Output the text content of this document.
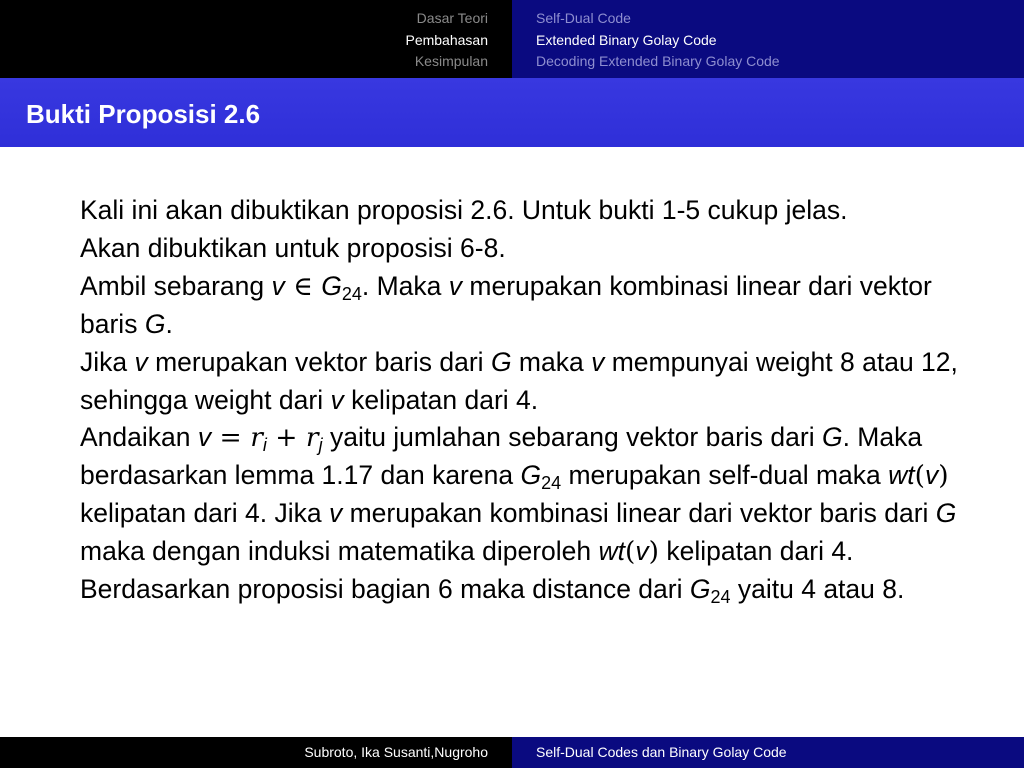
Dasar Teori
Pembahasan
Kesimpulan
Self-Dual Code
Extended Binary Golay Code
Decoding Extended Binary Golay Code
Bukti Proposisi 2.6

Kali ini akan dibuktikan proposisi 2.6. Untuk bukti 1-5 cukup jelas.

Akan dibuktikan untuk proposisi 6-8.

Ambil sebarang v ∈ $G_{24}$. Maka v merupakan kombinasi linear dari vektor baris G.

Jika v merupakan vektor baris dari G maka v mempunyai weight 8 atau 12, sehingga weight dari v kelipatan dari 4.

Andaikan $v = r_i + r_j$ yaitu jumlahan sebarang vektor baris dari G. Maka berdasarkan lemma 1.17 dan karena $G_{24}$ merupakan self-dual maka wt(v) kelipatan dari 4. Jika v merupakan kombinasi linear dari vektor baris dari G maka dengan induksi matematika diperoleh wt(v) kelipatan dari 4. Berdasarkan proposisi bagian 6 maka distance dari $G_{24}$ yaitu 4 atau 8.

Subroto, Ika Susanti,Nugroho	Self-Dual Codes dan Binary Golay Code
